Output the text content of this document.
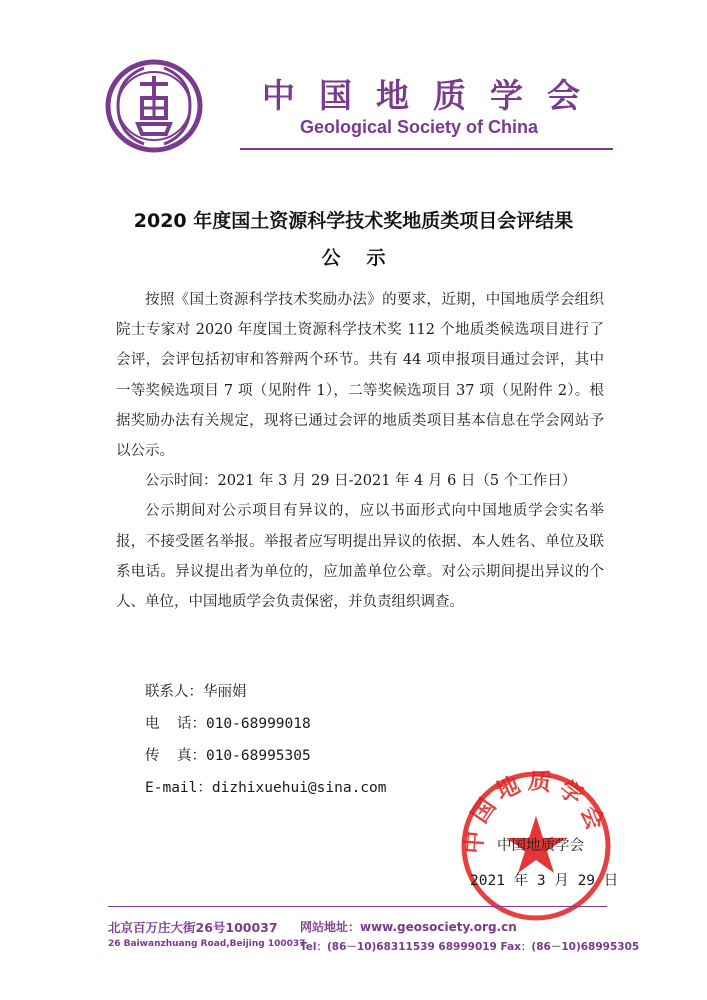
中国地质学会
Geological Society of China
2020 年度国土资源科学技术奖地质类项目会评结果
公示

按照《国土资源科学技术奖励办法》的要求，近期，中国地质学会组织院士专家对 2020 年度国土资源科学技术奖 112 个地质类候选项目进行了会评，会评包括初审和答辩两个环节。共有 44 项申报项目通过会评，其中一等奖候选项目 7 项（见附件 1），二等奖候选项目 37 项（见附件 2）。根据奖励办法有关规定，现将已通过会评的地质类项目基本信息在学会网站予以公示。

公示时间：2021 年 3 月 29 日-2021 年 4 月 6 日（5 个工作日）

公示期间对公示项目有异议的，应以书面形式向中国地质学会实名举报，不接受匿名举报。举报者应写明提出异议的依据、本人姓名、单位及联系电话。异议提出者为单位的，应加盖单位公章。对公示期间提出异议的个人、单位，中国地质学会负责保密，并负责组织调查。

联系人：华丽娟
电  话：010-68999018
传  真：010-68995305
E-mail：dizhixuehui@sina.com
中国地质学会
中国地质学会
2021 年 3 月 29 日
北京百万庄大街26号100037
26 Baiwanzhuang Road,Beijing 100037
网站地址：www.geosociety.org.cn
Tel：(86－10)68311539 68999019 Fax：(86－10)68995305
